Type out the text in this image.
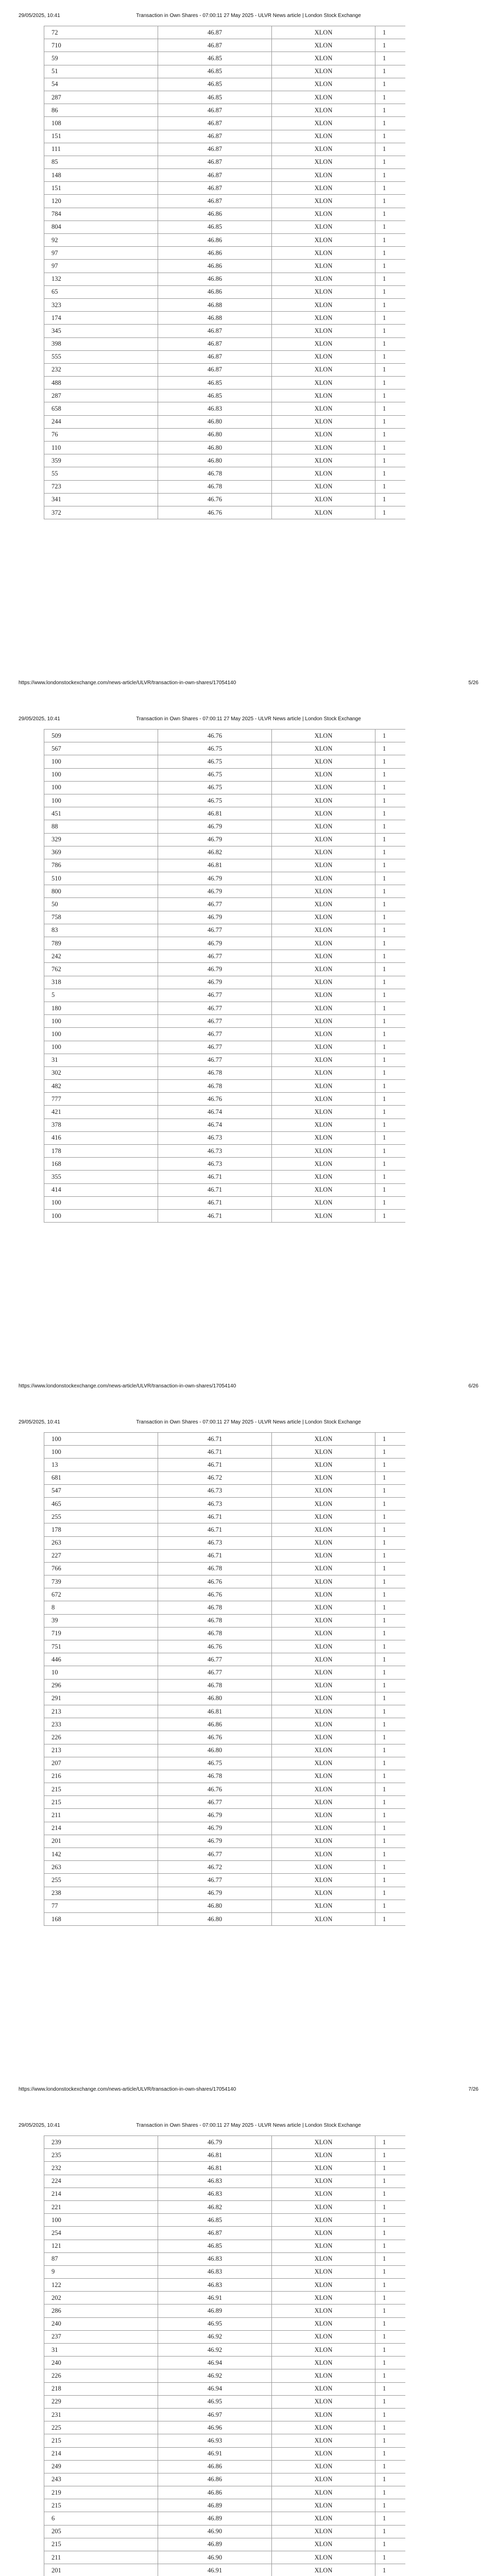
29/05/2025, 10:41	Transaction in Own Shares - 07:00:11 27 May 2025 - ULVR News article | London Stock Exchange
72	46.87	XLON	1
710	46.87	XLON	1
59	46.85	XLON	1
51	46.85	XLON	1
54	46.85	XLON	1
287	46.85	XLON	1
86	46.87	XLON	1
108	46.87	XLON	1
151	46.87	XLON	1
111	46.87	XLON	1
85	46.87	XLON	1
148	46.87	XLON	1
151	46.87	XLON	1
120	46.87	XLON	1
784	46.86	XLON	1
804	46.85	XLON	1
92	46.86	XLON	1
97	46.86	XLON	1
97	46.86	XLON	1
132	46.86	XLON	1
65	46.86	XLON	1
323	46.88	XLON	1
174	46.88	XLON	1
345	46.87	XLON	1
398	46.87	XLON	1
555	46.87	XLON	1
232	46.87	XLON	1
488	46.85	XLON	1
287	46.85	XLON	1
658	46.83	XLON	1
244	46.80	XLON	1
76	46.80	XLON	1
110	46.80	XLON	1
359	46.80	XLON	1
55	46.78	XLON	1
723	46.78	XLON	1
341	46.76	XLON	1
372	46.76	XLON	1
https://www.londonstockexchange.com/news-article/ULVR/transaction-in-own-shares/17054140	5/26
29/05/2025, 10:41	Transaction in Own Shares - 07:00:11 27 May 2025 - ULVR News article | London Stock Exchange
509	46.76	XLON	1
567	46.75	XLON	1
100	46.75	XLON	1
100	46.75	XLON	1
100	46.75	XLON	1
100	46.75	XLON	1
451	46.81	XLON	1
88	46.79	XLON	1
329	46.79	XLON	1
369	46.82	XLON	1
786	46.81	XLON	1
510	46.79	XLON	1
800	46.79	XLON	1
50	46.77	XLON	1
758	46.79	XLON	1
83	46.77	XLON	1
789	46.79	XLON	1
242	46.77	XLON	1
762	46.79	XLON	1
318	46.79	XLON	1
5	46.77	XLON	1
180	46.77	XLON	1
100	46.77	XLON	1
100	46.77	XLON	1
100	46.77	XLON	1
31	46.77	XLON	1
302	46.78	XLON	1
482	46.78	XLON	1
777	46.76	XLON	1
421	46.74	XLON	1
378	46.74	XLON	1
416	46.73	XLON	1
178	46.73	XLON	1
168	46.73	XLON	1
355	46.71	XLON	1
414	46.71	XLON	1
100	46.71	XLON	1
100	46.71	XLON	1
https://www.londonstockexchange.com/news-article/ULVR/transaction-in-own-shares/17054140	6/26
29/05/2025, 10:41	Transaction in Own Shares - 07:00:11 27 May 2025 - ULVR News article | London Stock Exchange
100	46.71	XLON	1
100	46.71	XLON	1
13	46.71	XLON	1
681	46.72	XLON	1
547	46.73	XLON	1
465	46.73	XLON	1
255	46.71	XLON	1
178	46.71	XLON	1
263	46.73	XLON	1
227	46.71	XLON	1
766	46.78	XLON	1
739	46.76	XLON	1
672	46.76	XLON	1
8	46.78	XLON	1
39	46.78	XLON	1
719	46.78	XLON	1
751	46.76	XLON	1
446	46.77	XLON	1
10	46.77	XLON	1
296	46.78	XLON	1
291	46.80	XLON	1
213	46.81	XLON	1
233	46.86	XLON	1
226	46.76	XLON	1
213	46.80	XLON	1
207	46.75	XLON	1
216	46.78	XLON	1
215	46.76	XLON	1
215	46.77	XLON	1
211	46.79	XLON	1
214	46.79	XLON	1
201	46.79	XLON	1
142	46.77	XLON	1
263	46.72	XLON	1
255	46.77	XLON	1
238	46.79	XLON	1
77	46.80	XLON	1
168	46.80	XLON	1
https://www.londonstockexchange.com/news-article/ULVR/transaction-in-own-shares/17054140	7/26
29/05/2025, 10:41	Transaction in Own Shares - 07:00:11 27 May 2025 - ULVR News article | London Stock Exchange
239	46.79	XLON	1
235	46.81	XLON	1
232	46.81	XLON	1
224	46.83	XLON	1
214	46.83	XLON	1
221	46.82	XLON	1
100	46.85	XLON	1
254	46.87	XLON	1
121	46.85	XLON	1
87	46.83	XLON	1
9	46.83	XLON	1
122	46.83	XLON	1
202	46.91	XLON	1
286	46.89	XLON	1
240	46.95	XLON	1
237	46.92	XLON	1
31	46.92	XLON	1
240	46.94	XLON	1
226	46.92	XLON	1
218	46.94	XLON	1
229	46.95	XLON	1
231	46.97	XLON	1
225	46.96	XLON	1
215	46.93	XLON	1
214	46.91	XLON	1
249	46.86	XLON	1
243	46.86	XLON	1
219	46.86	XLON	1
215	46.89	XLON	1
6	46.89	XLON	1
205	46.90	XLON	1
215	46.89	XLON	1
211	46.90	XLON	1
201	46.91	XLON	1
